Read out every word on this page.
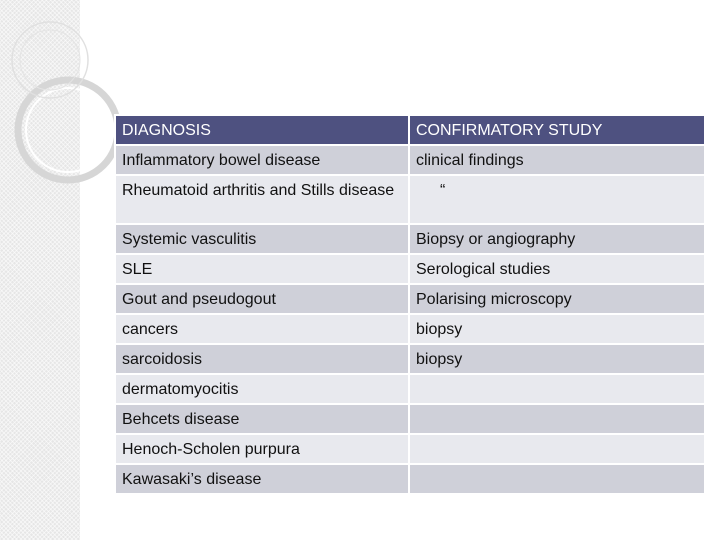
DIAGNOSIS	CONFIRMATORY STUDY
Inflammatory bowel disease	clinical findings
Rheumatoid arthritis and Stills disease	“
Systemic vasculitis	Biopsy or angiography
SLE	Serological studies
Gout and pseudogout	Polarising microscopy
cancers	biopsy
sarcoidosis	biopsy
dermatomyocitis	
Behcets disease	
Henoch-Scholen purpura	
Kawasaki’s disease	
